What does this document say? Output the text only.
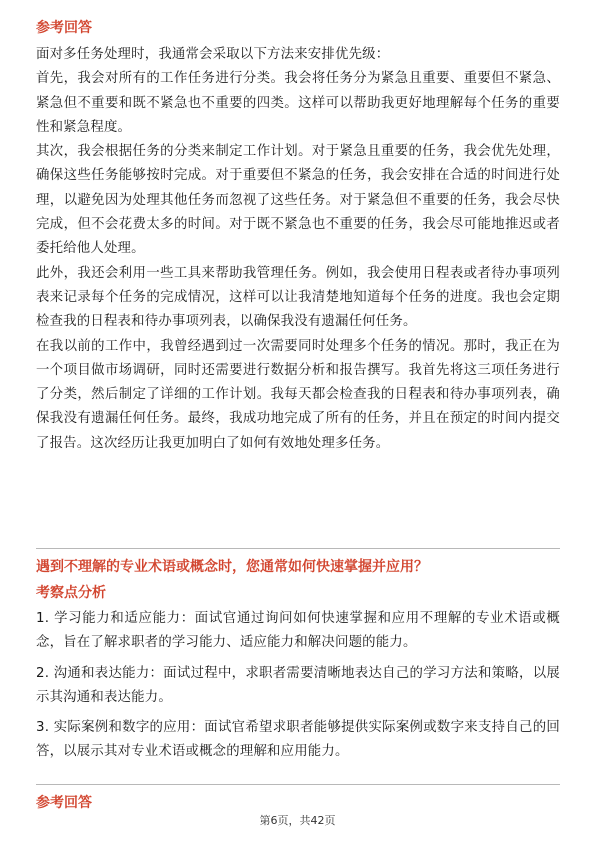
参考回答

面对多任务处理时，我通常会采取以下方法来安排优先级：

首先，我会对所有的工作任务进行分类。我会将任务分为紧急且重要、重要但不紧急、紧急但不重要和既不紧急也不重要的四类。这样可以帮助我更好地理解每个任务的重要性和紧急程度。

其次，我会根据任务的分类来制定工作计划。对于紧急且重要的任务，我会优先处理，确保这些任务能够按时完成。对于重要但不紧急的任务，我会安排在合适的时间进行处理，以避免因为处理其他任务而忽视了这些任务。对于紧急但不重要的任务，我会尽快完成，但不会花费太多的时间。对于既不紧急也不重要的任务，我会尽可能地推迟或者委托给他人处理。

此外，我还会利用一些工具来帮助我管理任务。例如，我会使用日程表或者待办事项列表来记录每个任务的完成情况，这样可以让我清楚地知道每个任务的进度。我也会定期检查我的日程表和待办事项列表，以确保我没有遗漏任何任务。

在我以前的工作中，我曾经遇到过一次需要同时处理多个任务的情况。那时，我正在为一个项目做市场调研，同时还需要进行数据分析和报告撰写。我首先将这三项任务进行了分类，然后制定了详细的工作计划。我每天都会检查我的日程表和待办事项列表，确保我没有遗漏任何任务。最终，我成功地完成了所有的任务，并且在预定的时间内提交了报告。这次经历让我更加明白了如何有效地处理多任务。

遇到不理解的专业术语或概念时，您通常如何快速掌握并应用？

考察点分析

1. 学习能力和适应能力：面试官通过询问如何快速掌握和应用不理解的专业术语或概念，旨在了解求职者的学习能力、适应能力和解决问题的能力。

2. 沟通和表达能力：面试过程中，求职者需要清晰地表达自己的学习方法和策略，以展示其沟通和表达能力。

3. 实际案例和数字的应用：面试官希望求职者能够提供实际案例或数字来支持自己的回答，以展示其对专业术语或概念的理解和应用能力。

参考回答

第6页，共42页
